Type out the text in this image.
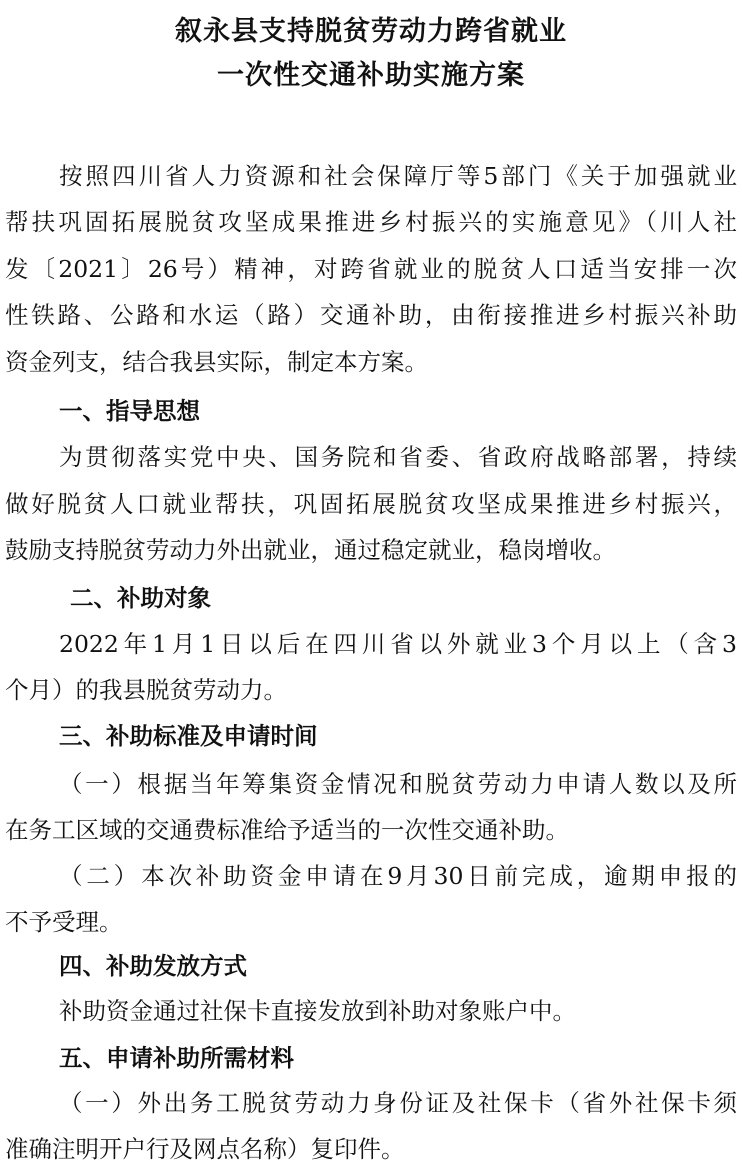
叙永县支持脱贫劳动力跨省就业
一次性交通补助实施方案
按照四川省人力资源和社会保障厅等5部门《关于加强就业
帮扶巩固拓展脱贫攻坚成果推进乡村振兴的实施意见》（川人社
发〔2021〕26号）精神，对跨省就业的脱贫人口适当安排一次
性铁路、公路和水运（路）交通补助，由衔接推进乡村振兴补助
资金列支，结合我县实际，制定本方案。
一、指导思想
为贯彻落实党中央、国务院和省委、省政府战略部署，持续
做好脱贫人口就业帮扶，巩固拓展脱贫攻坚成果推进乡村振兴，
鼓励支持脱贫劳动力外出就业，通过稳定就业，稳岗增收。
二、补助对象
2022年1月1日以后在四川省以外就业3个月以上（含3
个月）的我县脱贫劳动力。
三、补助标准及申请时间
（一）根据当年筹集资金情况和脱贫劳动力申请人数以及所
在务工区域的交通费标准给予适当的一次性交通补助。
（二）本次补助资金申请在9月30日前完成，逾期申报的
不予受理。
四、补助发放方式
补助资金通过社保卡直接发放到补助对象账户中。
五、申请补助所需材料
（一）外出务工脱贫劳动力身份证及社保卡（省外社保卡须
准确注明开户行及网点名称）复印件。
